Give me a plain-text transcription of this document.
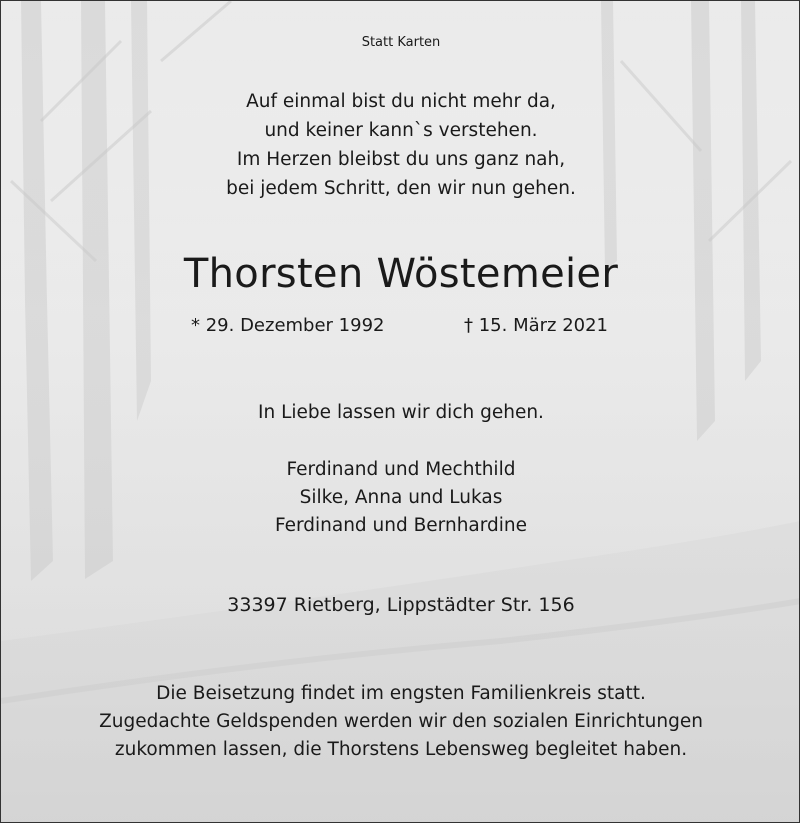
Statt Karten
Auf einmal bist du nicht mehr da,
und keiner kann`s verstehen.
Im Herzen bleibst du uns ganz nah,
bei jedem Schritt, den wir nun gehen.
Thorsten Wöstemeier
* 29. Dezember 1992	† 15. März 2021
In Liebe lassen wir dich gehen.
Ferdinand und Mechthild
Silke, Anna und Lukas
Ferdinand und Bernhardine
33397 Rietberg, Lippstädter Str. 156
Die Beisetzung findet im engsten Familienkreis statt.
Zugedachte Geldspenden werden wir den sozialen Einrichtungen
zukommen lassen, die Thorstens Lebensweg begleitet haben.
